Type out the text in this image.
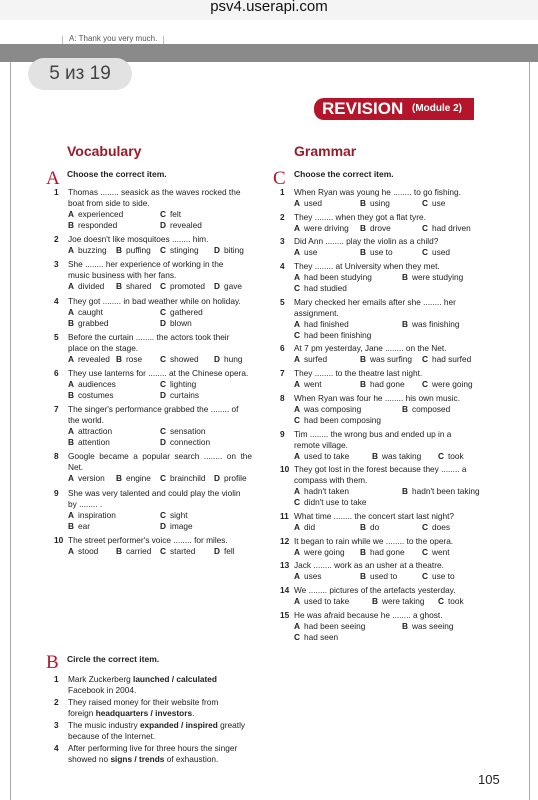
psv4.userapi.com
A: Thank you very much.
5 из 19
REVISION (Module 2)
Vocabulary	Grammar
A Choose the correct item.	C Choose the correct item.
1 Thomas ........ seasick as the waves rocked the
boat from side to side.
A experienced	C felt
B responded	D revealed
2 Joe doesn't like mosquitoes ........ him.
A buzzing B puffing C stinging D biting
3 She ........ her experience of working in the
music business with her fans.
A divided B shared C promoted D gave
4 They got ........ in bad weather while on holiday.
A caught	C gathered
B grabbed	D blown
5 Before the curtain ........ the actors took their
place on the stage.
A revealed B rose C showed D hung
6 They use lanterns for ........ at the Chinese opera.
A audiences	C lighting
B costumes	D curtains
7 The singer's performance grabbed the ........ of
the world.
A attraction	C sensation
B attention	D connection
8 Google became a popular search ........ on the Net.
A version B engine C brainchild D profile
9 She was very talented and could play the violin
by ........ .
A inspiration	C sight
B ear	D image
10 The street performer's voice ........ for miles.
A stood B carried C started D fell
1 When Ryan was young he ........ to go fishing.
A used	B using	C use
2 They ........ when they got a flat tyre.
A were driving B drove	C had driven
3 Did Ann ........ play the violin as a child?
A use	B use to	C used
4 They ........ at University when they met.
A had been studying	B were studying
C had studied
5 Mary checked her emails after she ........ her
assignment.
A had finished	B was finishing
C had been finishing
6 At 7 pm yesterday, Jane ........ on the Net.
A surfed	B was surfing C had surfed
7 They ........ to the theatre last night.
A went	B had gone C were going
8 When Ryan was four he ........ his own music.
A was composing	B composed
C had been composing
9 Tim ........ the wrong bus and ended up in a
remote village.
A used to take	B was taking C took
10 They got lost in the forest because they ........ a
compass with them.
A hadn't taken	B hadn't been taking
C didn't use to take
11 What time ........ the concert start last night?
A did	B do	C does
12 It began to rain while we ........ to the opera.
A were going B had gone C went
13 Jack ........ work as an usher at a theatre.
A uses	B used to	C use to
14 We ........ pictures of the artefacts yesterday.
A used to take	B were taking C took
15 He was afraid because he ........ a ghost.
A had been seeing	B was seeing
C had seen
B Circle the correct item.
1 Mark Zuckerberg launched / calculated
Facebook in 2004.
2 They raised money for their website from
foreign headquarters / investors.
3 The music industry expanded / inspired greatly
because of the Internet.
4 After performing live for three hours the singer
showed no signs / trends of exhaustion.
105
